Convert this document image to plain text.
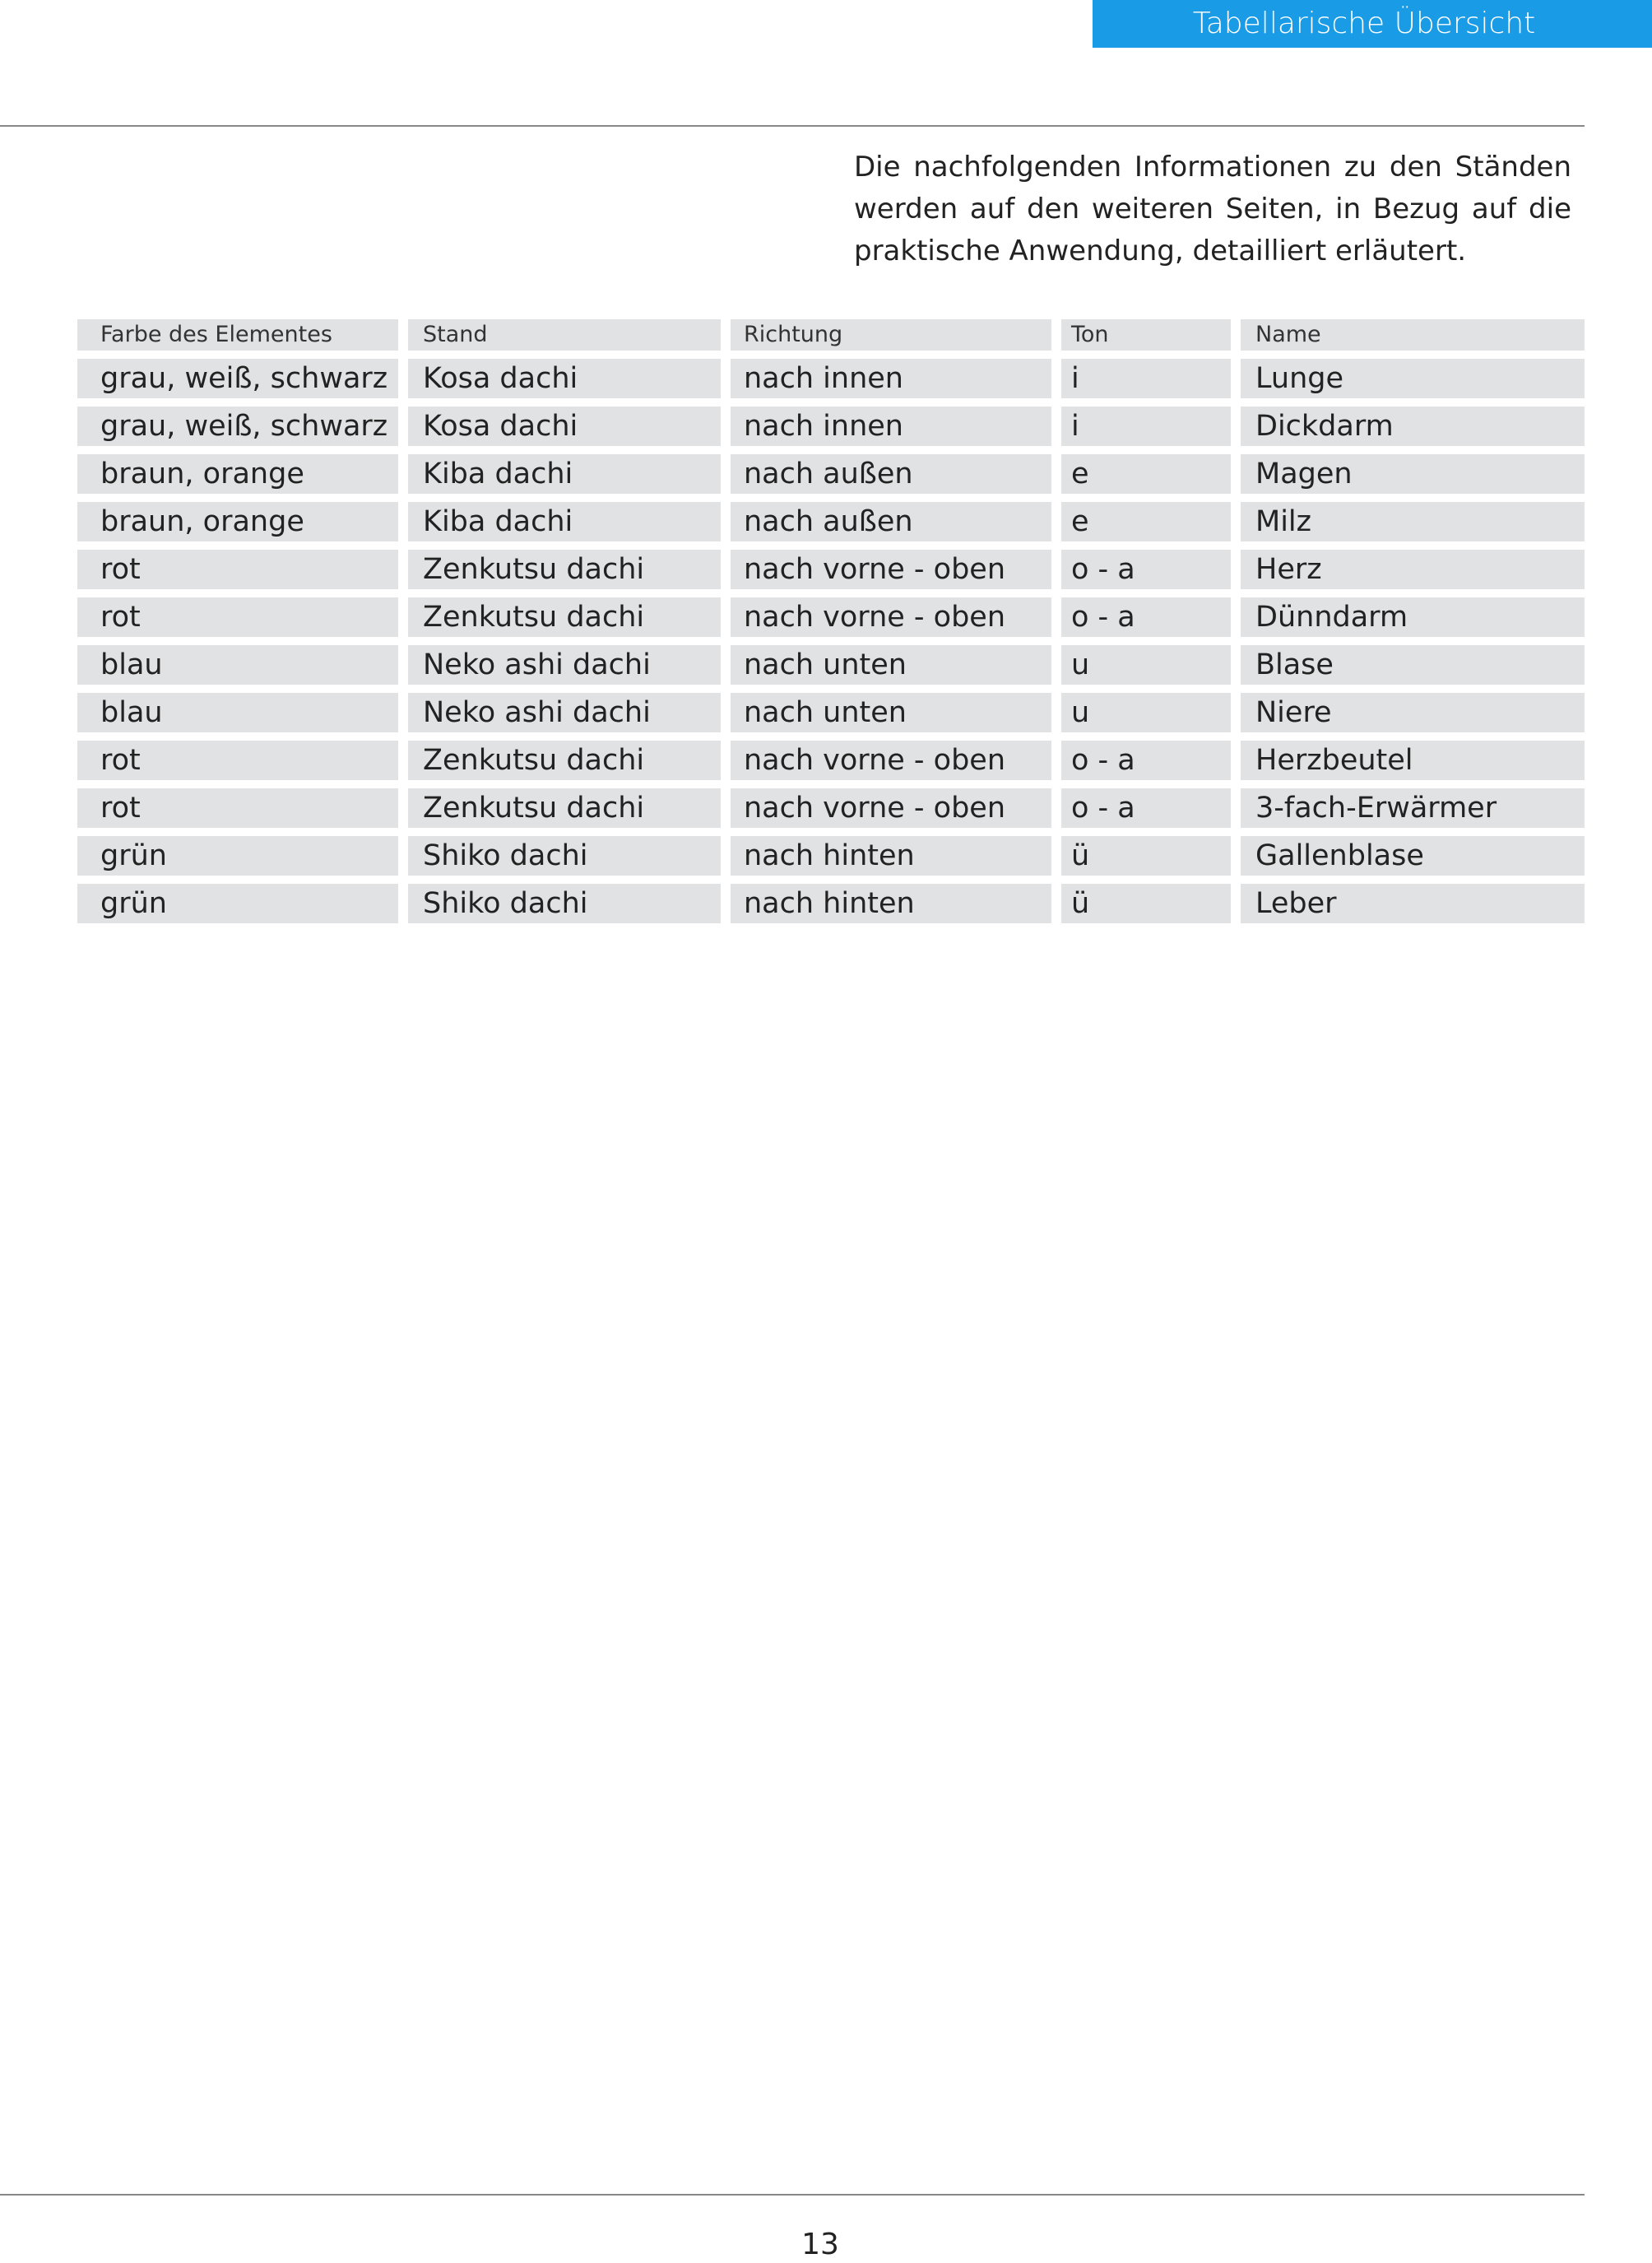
Tabellarische Übersicht
Die nachfolgenden Informationen zu den Ständen werden auf den weiteren Seiten, in Bezug auf die praktische Anwendung, detailliert erläutert.
Farbe des Elementes	Stand	Richtung	Ton	Name
grau, weiß, schwarz	Kosa dachi	nach innen	i	Lunge
grau, weiß, schwarz	Kosa dachi	nach innen	i	Dickdarm
braun, orange	Kiba dachi	nach außen	e	Magen
braun, orange	Kiba dachi	nach außen	e	Milz
rot	Zenkutsu dachi	nach vorne - oben	o - a	Herz
rot	Zenkutsu dachi	nach vorne - oben	o - a	Dünndarm
blau	Neko ashi dachi	nach unten	u	Blase
blau	Neko ashi dachi	nach unten	u	Niere
rot	Zenkutsu dachi	nach vorne - oben	o - a	Herzbeutel
rot	Zenkutsu dachi	nach vorne - oben	o - a	3-fach-Erwärmer
grün	Shiko dachi	nach hinten	ü	Gallenblase
grün	Shiko dachi	nach hinten	ü	Leber
13
